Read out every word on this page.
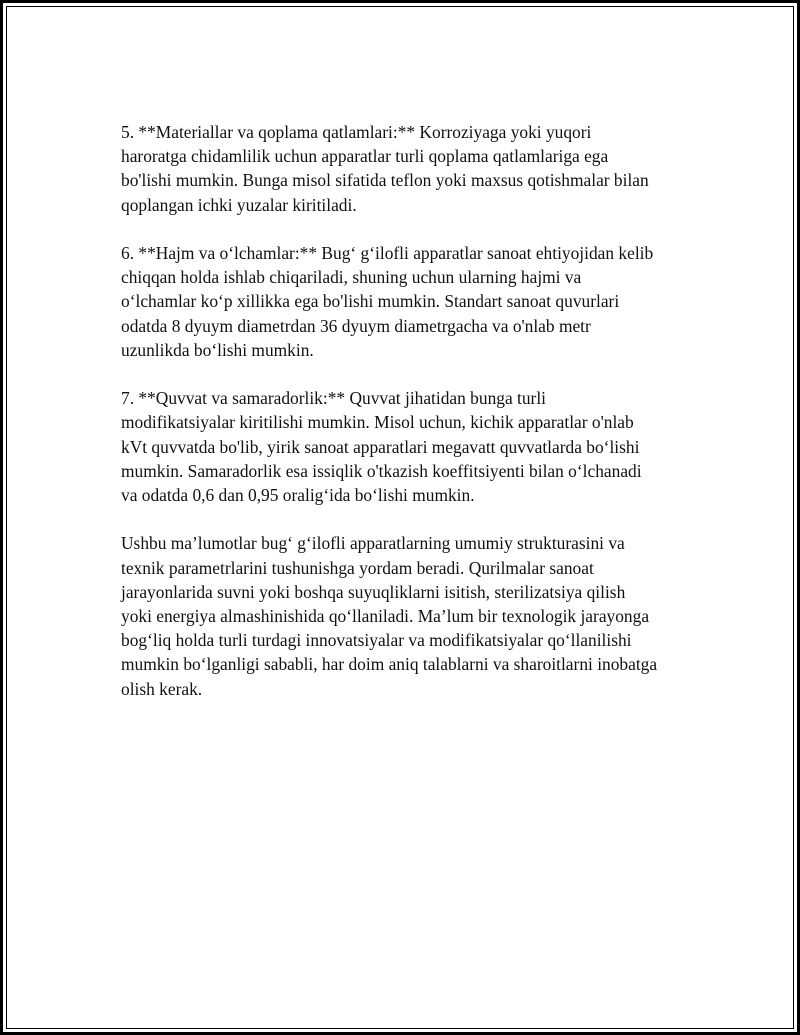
5. **Materiallar va qoplama qatlamlari:** Korroziyaga yoki yuqori
haroratga chidamlilik uchun apparatlar turli qoplama qatlamlariga ega
bo'lishi mumkin. Bunga misol sifatida teflon yoki maxsus qotishmalar bilan
qoplangan ichki yuzalar kiritiladi.

6. **Hajm va o‘lchamlar:** Bug‘ g‘ilofli apparatlar sanoat ehtiyojidan kelib
chiqqan holda ishlab chiqariladi, shuning uchun ularning hajmi va
o‘lchamlar ko‘p xillikka ega bo'lishi mumkin. Standart sanoat quvurlari
odatda 8 dyuym diametrdan 36 dyuym diametrgacha va o'nlab metr
uzunlikda bo‘lishi mumkin.

7. **Quvvat va samaradorlik:** Quvvat jihatidan bunga turli
modifikatsiyalar kiritilishi mumkin. Misol uchun, kichik apparatlar o'nlab
kVt quvvatda bo'lib, yirik sanoat apparatlari megavatt quvvatlarda bo‘lishi
mumkin. Samaradorlik esa issiqlik o'tkazish koeffitsiyenti bilan o‘lchanadi
va odatda 0,6 dan 0,95 oralig‘ida bo‘lishi mumkin.

Ushbu ma’lumotlar bug‘ g‘ilofli apparatlarning umumiy strukturasini va
texnik parametrlarini tushunishga yordam beradi. Qurilmalar sanoat
jarayonlarida suvni yoki boshqa suyuqliklarni isitish, sterilizatsiya qilish
yoki energiya almashinishida qo‘llaniladi. Ma’lum bir texnologik jarayonga
bog‘liq holda turli turdagi innovatsiyalar va modifikatsiyalar qo‘llanilishi
mumkin bo‘lganligi sababli, har doim aniq talablarni va sharoitlarni inobatga
olish kerak.
